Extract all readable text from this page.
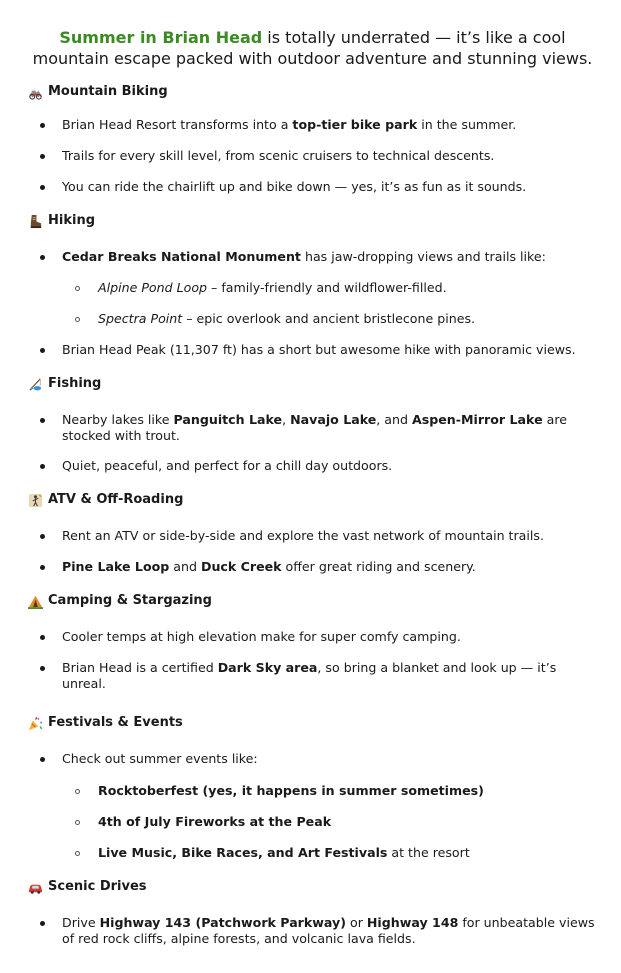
Summer in Brian Head is totally underrated — it’s like a cool mountain escape packed with outdoor adventure and stunning views.
Mountain Biking
Brian Head Resort transforms into a top-tier bike park in the summer.
Trails for every skill level, from scenic cruisers to technical descents.
You can ride the chairlift up and bike down — yes, it’s as fun as it sounds.
Hiking
Cedar Breaks National Monument has jaw-dropping views and trails like:
Alpine Pond Loop – family-friendly and wildflower-filled.
Spectra Point – epic overlook and ancient bristlecone pines.
Brian Head Peak (11,307 ft) has a short but awesome hike with panoramic views.
Fishing
Nearby lakes like Panguitch Lake, Navajo Lake, and Aspen-Mirror Lake are stocked with trout.
Quiet, peaceful, and perfect for a chill day outdoors.
ATV & Off-Roading
Rent an ATV or side-by-side and explore the vast network of mountain trails.
Pine Lake Loop and Duck Creek offer great riding and scenery.
Camping & Stargazing
Cooler temps at high elevation make for super comfy camping.
Brian Head is a certified Dark Sky area, so bring a blanket and look up — it’s unreal.
Festivals & Events
Check out summer events like:
Rocktoberfest (yes, it happens in summer sometimes)
4th of July Fireworks at the Peak
Live Music, Bike Races, and Art Festivals at the resort
Scenic Drives
Drive Highway 143 (Patchwork Parkway) or Highway 148 for unbeatable views of red rock cliffs, alpine forests, and volcanic lava fields.
